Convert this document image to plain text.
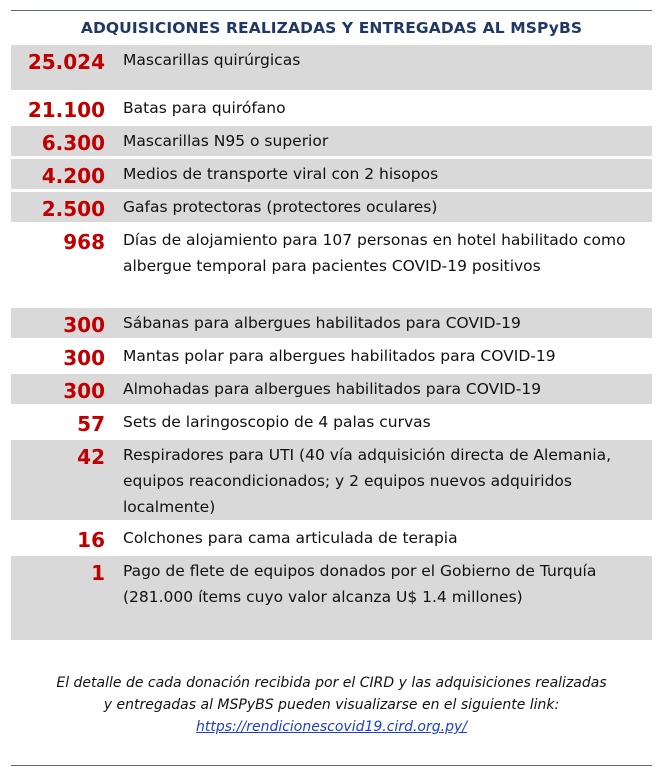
ADQUISICIONES REALIZADAS Y ENTREGADAS AL MSPyBS
25.024	Mascarillas quirúrgicas
21.100	Batas para quirófano
6.300	Mascarillas N95 o superior
4.200	Medios de transporte viral con 2 hisopos
2.500	Gafas protectoras (protectores oculares)
968	Días de alojamiento para 107 personas en hotel habilitado como albergue temporal para pacientes COVID-19 positivos
300	Sábanas para albergues habilitados para COVID-19
300	Mantas polar para albergues habilitados para COVID-19
300	Almohadas para albergues habilitados para COVID-19
57	Sets de laringoscopio de 4 palas curvas
42	Respiradores para UTI (40 vía adquisición directa de Alemania, equipos reacondicionados; y 2 equipos nuevos adquiridos localmente)
16	Colchones para cama articulada de terapia
1	Pago de flete de equipos donados por el Gobierno de Turquía (281.000 ítems cuyo valor alcanza U$ 1.4 millones)
El detalle de cada donación recibida por el CIRD y las adquisiciones realizadas
y entregadas al MSPyBS pueden visualizarse en el siguiente link:
https://rendicionescovid19.cird.org.py/
